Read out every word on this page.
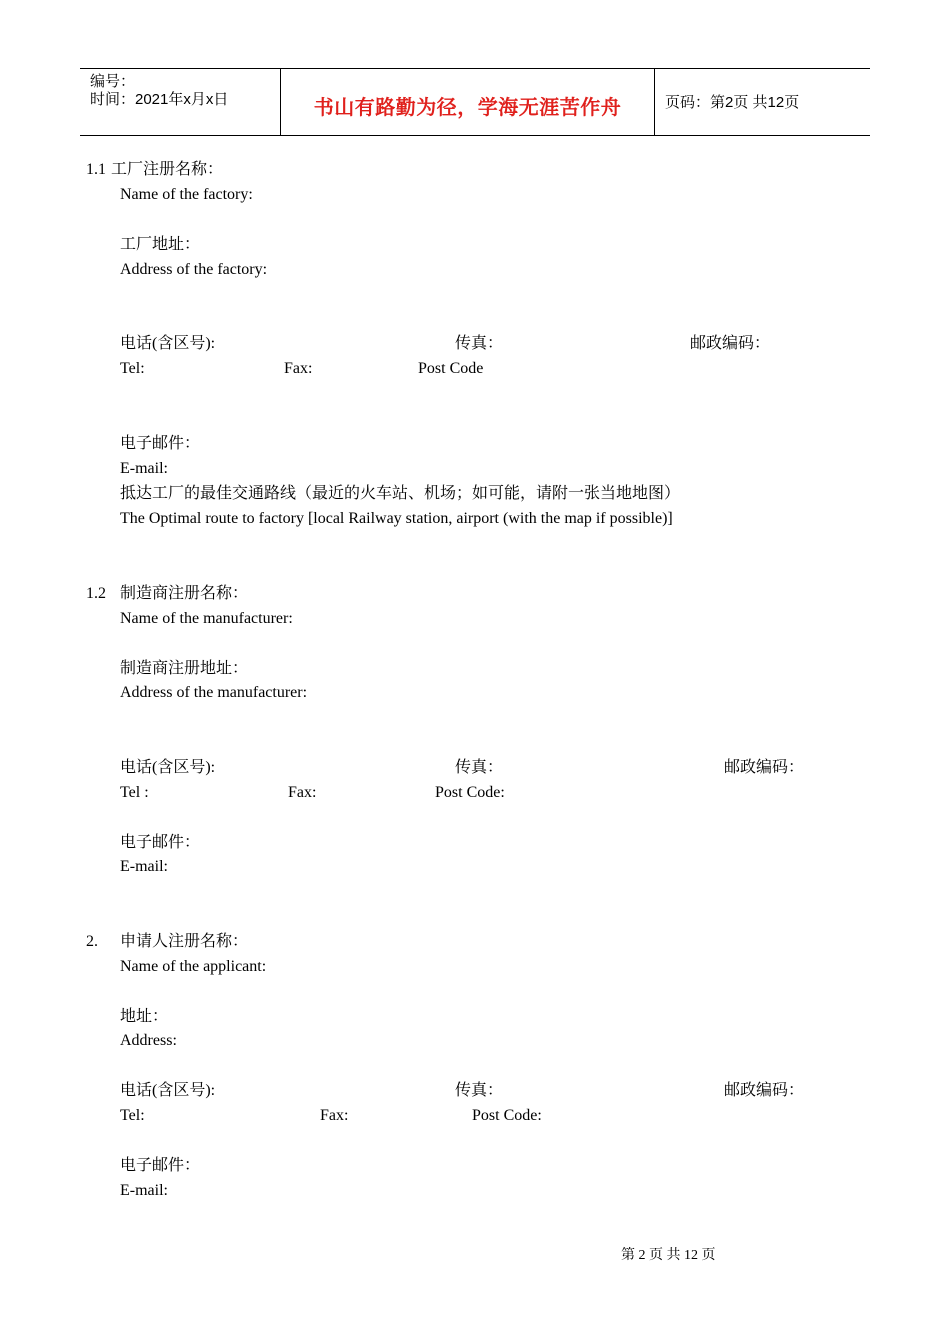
编号：
时间：2021年x月x日	书山有路勤为径，学海无涯苦作舟	页码：第2页 共12页
1.1 工厂注册名称：
Name of the factory:
工厂地址：
Address of the factory:
电话(含区号):	传真：	邮政编码：
Tel:	Fax:	Post Code
电子邮件：
E-mail:
抵达工厂的最佳交通路线（最近的火车站、机场；如可能，请附一张当地地图）
The Optimal route to factory [local Railway station, airport (with the map if possible)]
1.2 制造商注册名称：
Name of the manufacturer:
制造商注册地址：
Address of the manufacturer:
电话(含区号):	传真：	邮政编码：
Tel :	Fax:	Post Code:
电子邮件：
E-mail:
2. 申请人注册名称：
Name of the applicant:
地址：
Address:
电话(含区号):	传真：	邮政编码：
Tel:	Fax:	Post Code:
电子邮件：
E-mail:
第 2 页 共 12 页
